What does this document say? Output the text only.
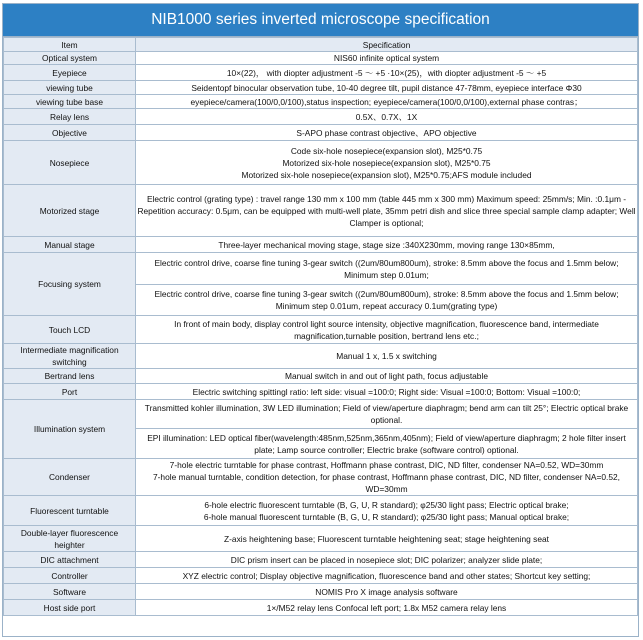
NIB1000 series inverted microscope specification
Item	Specification
Optical system	NIS60 infinite optical system

Eyepiece	10×(22)， with diopter adjustment -5 ～ +5 ·10×(25)，with diopter adjustment -5 ～ +5

viewing tube	Seidentopf binocular observation tube, 10-40 degree tilt, pupil distance 47-78mm, eyepiece interface Φ30

viewing tube base	eyepiece/camera(100/0,0/100),status inspection; eyepiece/camera(100/0,0/100),external phase contras；

Relay lens	0.5X、0.7X、1X

Objective	S-APO phase contrast objective、APO objective

Nosepiece	Code six-hole nosepiece(expansion slot), M25*0.75
Motorized six-hole nosepiece(expansion slot), M25*0.75
Motorized six-hole nosepiece(expansion slot), M25*0.75;AFS module included

Motorized stage	Electric control (grating type) : travel range 130 mm x 100 mm (table 445 mm x 300 mm) Maximum speed: 25mm/s; Min. :0.1μm - Repetition accuracy: 0.5μm, can be equipped with multi-well plate, 35mm petri dish and slice three special sample clamp adapter; Well Clamper is optional;

Manual stage	Three-layer mechanical moving stage, stage size :340X230mm, moving range 130×85mm,

Focusing system	Electric control drive, coarse fine tuning 3-gear switch ((2um/80um800um), stroke: 8.5mm above the focus and 1.5mm below; Minimum step 0.01um;

	Electric control drive, coarse fine tuning 3-gear switch ((2um/80um800um), stroke: 8.5mm above the focus and 1.5mm below; Minimum step 0.01um, repeat accuracy 0.1um(grating type)

Touch LCD	In front of main body, display control light source intensity, objective magnification, fluorescence band, intermediate magnification,turnable position, bertrand lens etc.;

Intermediate magnification switching	Manual 1 x, 1.5 x switching

Bertrand lens	Manual switch in and out of light path, focus adjustable

Port	Electric switching spittingl ratio: left side: visual =100:0; Right side: Visual =100:0; Bottom: Visual =100:0;

Illumination system	Transmitted kohler illumination, 3W LED illumination; Field of view/aperture diaphragm; bend arm can tilt 25°; Electric optical brake optional.

	EPI illumination: LED optical fiber(wavelength:485nm,525nm,365nm,405nm); Field of view/aperture diaphragm; 2 hole filter insert plate; Lamp source controller; Electric brake (software control) optional.

Condenser	7-hole electric turntable for phase contrast, Hoffmann phase contrast, DIC, ND filter, condenser NA=0.52, WD=30mm
7-hole manual turntable, condition detection, for phase contrast, Hoffmann phase contrast, DIC, ND filter, condenser NA=0.52, WD=30mm

Fluorescent turntable	6-hole electric fluorescent turntable (B, G, U, R standard); φ25/30 light pass; Electric optical brake;
6-hole manual fluorescent turntable (B, G, U, R standard); φ25/30 light pass; Manual optical brake;

Double-layer fluorescence heighter	Z-axis heightening base; Fluorescent turntable heightening seat; stage heightening seat

DIC attachment	DIC prism insert can be placed in nosepiece slot; DIC polarizer; analyzer slide plate;

Controller	XYZ electric control; Display objective magnification, fluorescence band and other states; Shortcut key setting;

Software	NOMIS Pro X image analysis software

Host side port	1×/M52 relay lens Confocal left port; 1.8x M52 camera relay lens
